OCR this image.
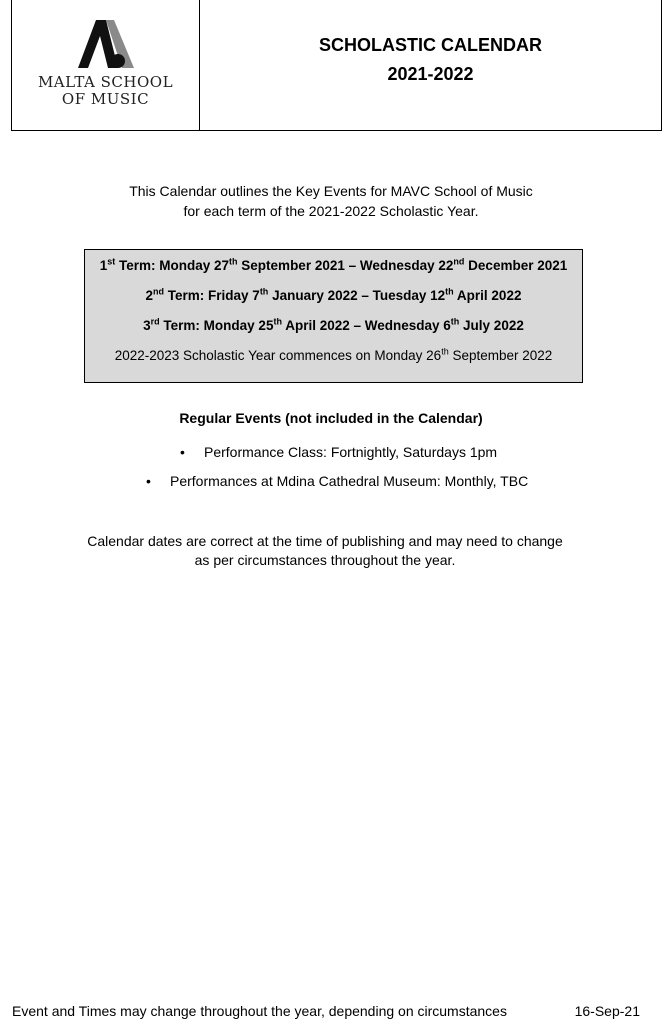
MALTA SCHOOL
OF MUSIC
SCHOLASTIC CALENDAR
2021-2022
This Calendar outlines the Key Events for MAVC School of Music
for each term of the 2021-2022 Scholastic Year.
1st Term: Monday 27th September 2021 – Wednesday 22nd December 2021
2nd Term: Friday 7th January 2022 – Tuesday 12th April 2022
3rd Term: Monday 25th April 2022 – Wednesday 6th July 2022
2022-2023 Scholastic Year commences on Monday 26th September 2022
Regular Events (not included in the Calendar)
• Performance Class: Fortnightly, Saturdays 1pm
• Performances at Mdina Cathedral Museum: Monthly, TBC
Calendar dates are correct at the time of publishing and may need to change
as per circumstances throughout the year.
Event and Times may change throughout the year, depending on circumstances	16-Sep-21
